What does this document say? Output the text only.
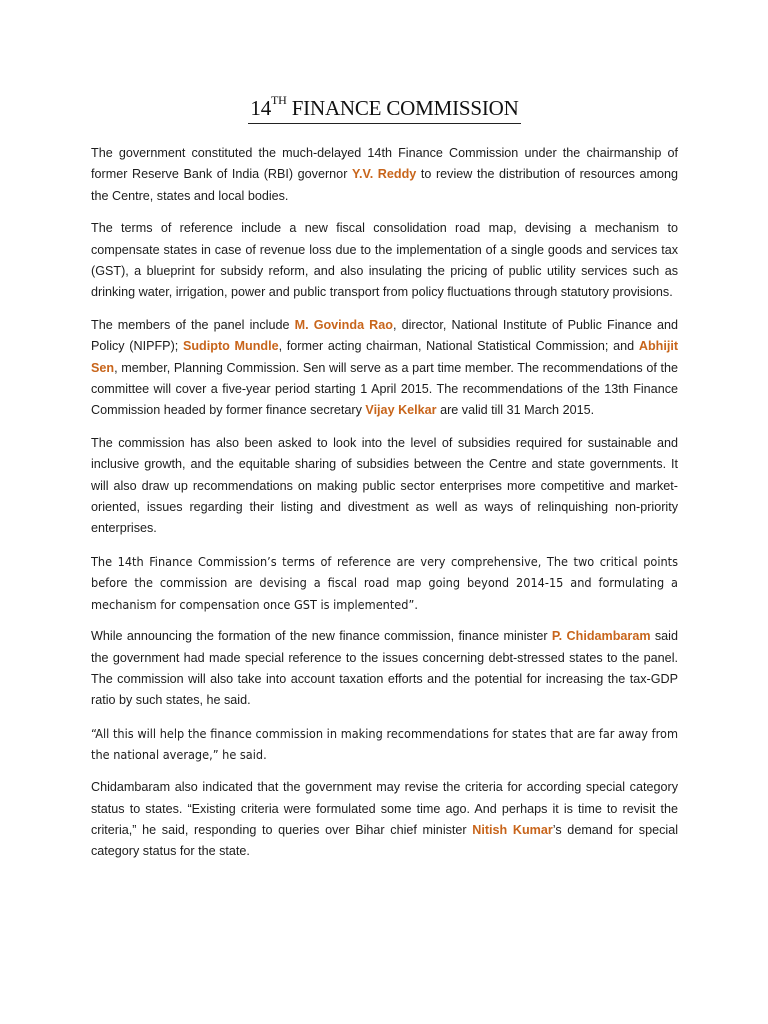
14TH FINANCE COMMISSION

The government constituted the much-delayed 14th Finance Commission under the chairmanship of former Reserve Bank of India (RBI) governor Y.V. Reddy to review the distribution of resources among the Centre, states and local bodies.

The terms of reference include a new fiscal consolidation road map, devising a mechanism to compensate states in case of revenue loss due to the implementation of a single goods and services tax (GST), a blueprint for subsidy reform, and also insulating the pricing of public utility services such as drinking water, irrigation, power and public transport from policy fluctuations through statutory provisions.

The members of the panel include M. Govinda Rao, director, National Institute of Public Finance and Policy (NIPFP); Sudipto Mundle, former acting chairman, National Statistical Commission; and Abhijit Sen, member, Planning Commission. Sen will serve as a part time member. The recommendations of the committee will cover a five-year period starting 1 April 2015. The recommendations of the 13th Finance Commission headed by former finance secretary Vijay Kelkar are valid till 31 March 2015.

The commission has also been asked to look into the level of subsidies required for sustainable and inclusive growth, and the equitable sharing of subsidies between the Centre and state governments. It will also draw up recommendations on making public sector enterprises more competitive and market-oriented, issues regarding their listing and divestment as well as ways of relinquishing non-priority enterprises.

The 14th Finance Commission’s terms of reference are very comprehensive, The two critical points before the commission are devising a fiscal road map going beyond 2014-15 and formulating a mechanism for compensation once GST is implemented”.

While announcing the formation of the new finance commission, finance minister P. Chidambaram said the government had made special reference to the issues concerning debt-stressed states to the panel. The commission will also take into account taxation efforts and the potential for increasing the tax-GDP ratio by such states, he said.

“All this will help the finance commission in making recommendations for states that are far away from the national average,” he said.

Chidambaram also indicated that the government may revise the criteria for according special category status to states. “Existing criteria were formulated some time ago. And perhaps it is time to revisit the criteria,” he said, responding to queries over Bihar chief minister Nitish Kumar’s demand for special category status for the state.
